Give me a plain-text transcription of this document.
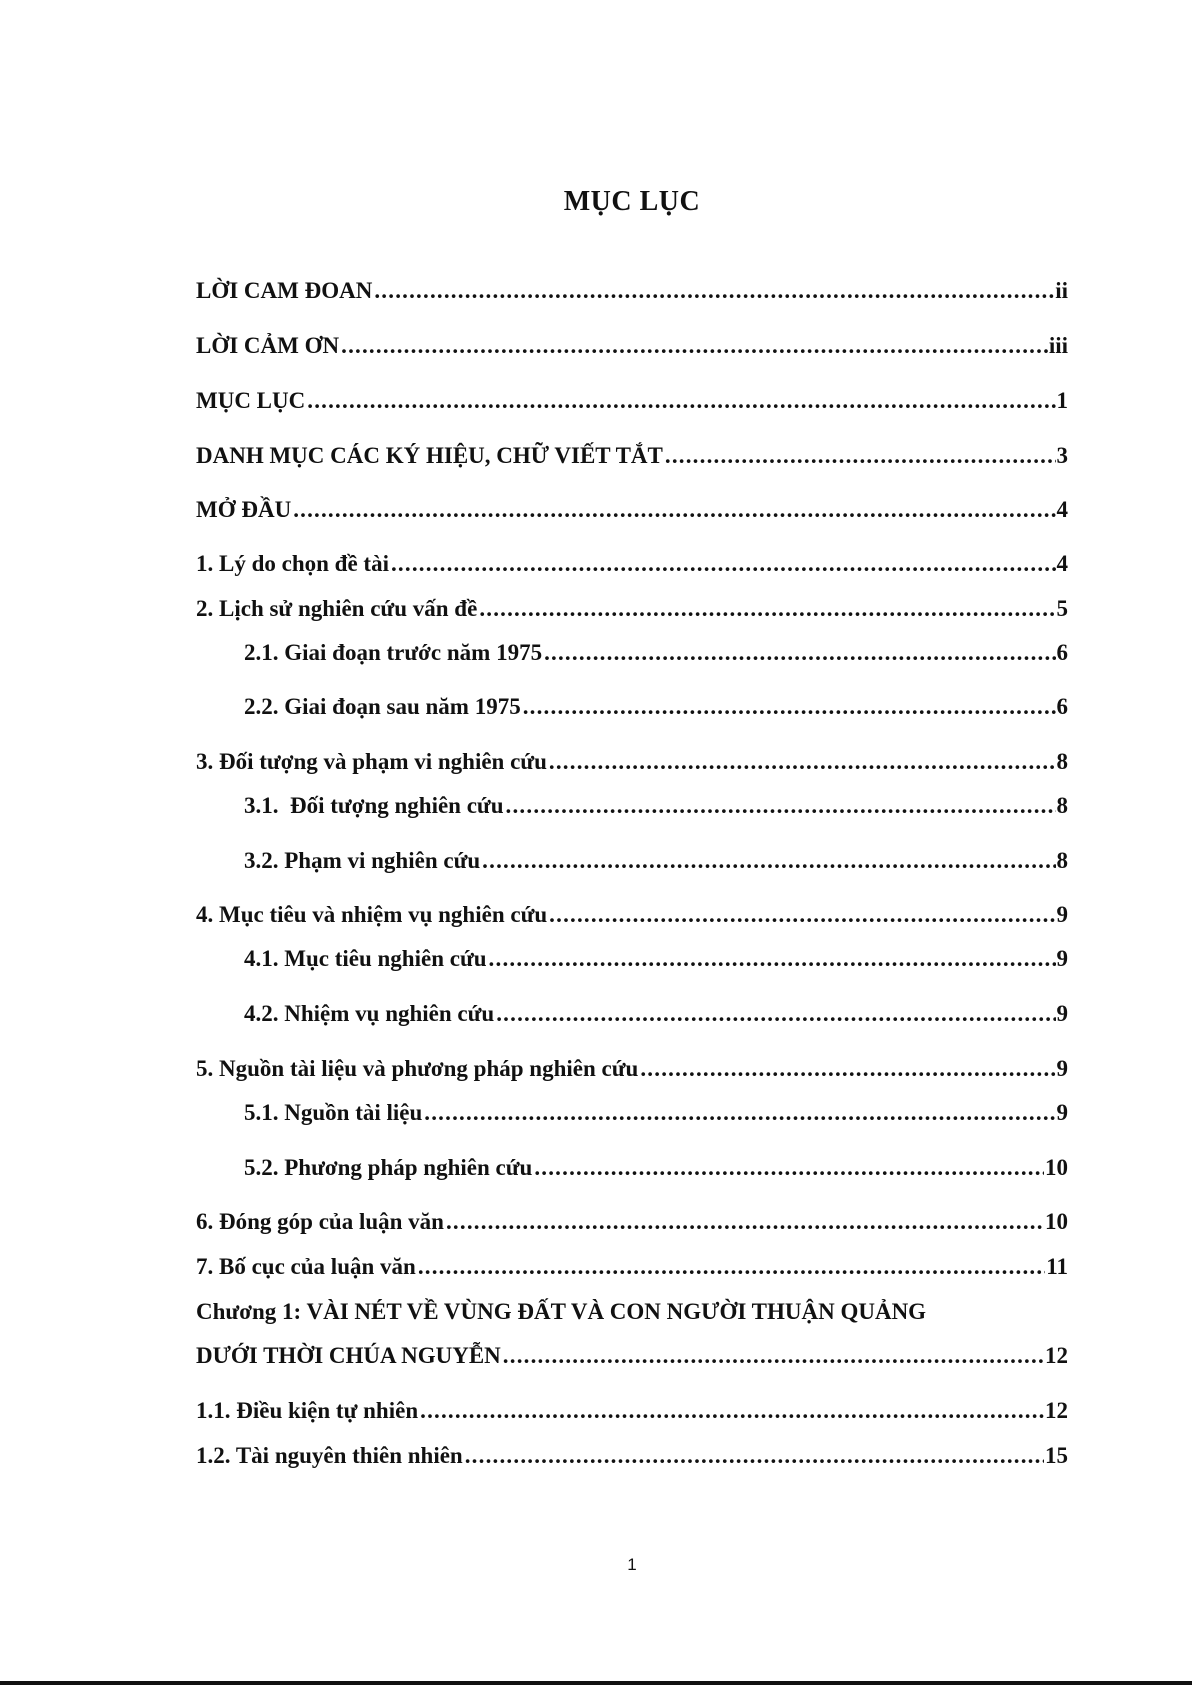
MỤC LỤC
LỜI CAM ĐOAN .....	ii
LỜI CẢM ƠN .....	iii
MỤC LỤC .....	1
DANH MỤC CÁC KÝ HIỆU, CHỮ VIẾT TẮT .....	3
MỞ ĐẦU .....	4
1. Lý do chọn đề tài .....	4
2. Lịch sử nghiên cứu vấn đề .....	5
2.1. Giai đoạn trước năm 1975 .....	6
2.2. Giai đoạn sau năm 1975 .....	6
3. Đối tượng và phạm vi nghiên cứu .....	8
3.1.  Đối tượng nghiên cứu .....	8
3.2. Phạm vi nghiên cứu .....	8
4. Mục tiêu và nhiệm vụ nghiên cứu .....	9
4.1. Mục tiêu nghiên cứu .....	9
4.2. Nhiệm vụ nghiên cứu .....	9
5. Nguồn tài liệu và phương pháp nghiên cứu .....	9
5.1. Nguồn tài liệu .....	9
5.2. Phương pháp nghiên cứu .....	10
6. Đóng góp của luận văn .....	10
7. Bố cục của luận văn .....	11
Chương 1: VÀI NÉT VỀ VÙNG ĐẤT VÀ CON NGƯỜI THUẬN QUẢNG
DƯỚI THỜI CHÚA NGUYỄN .....	12
1.1. Điều kiện tự nhiên .....	12
1.2. Tài nguyên thiên nhiên .....	15
1
